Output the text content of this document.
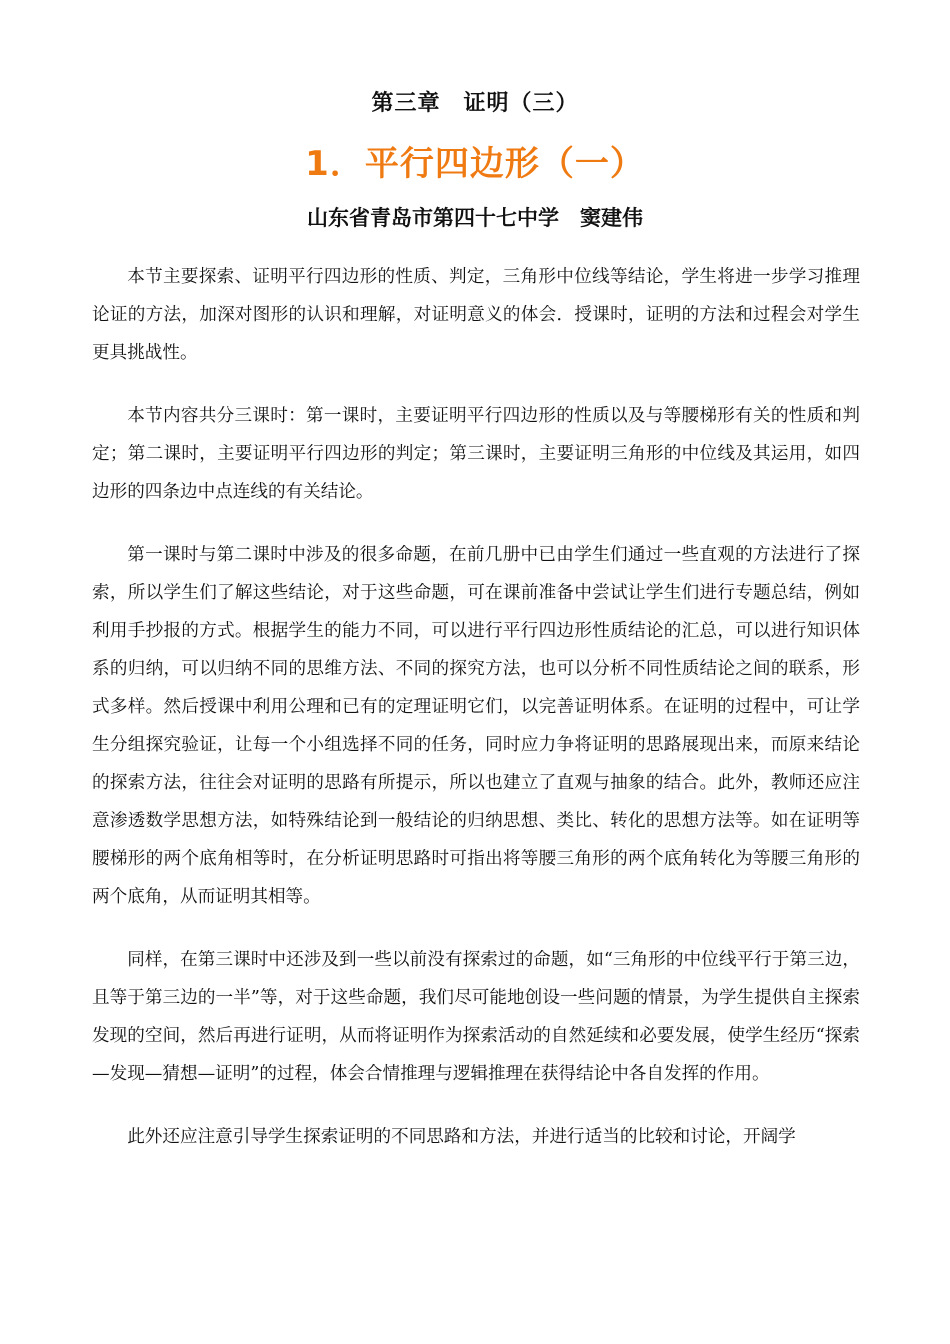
第三章　证明（三）
1．平行四边形（一）
山东省青岛市第四十七中学　窦建伟

本节主要探索、证明平行四边形的性质、判定，三角形中位线等结论，学生将进一步学习推理论证的方法，加深对图形的认识和理解，对证明意义的体会．授课时，证明的方法和过程会对学生更具挑战性。

本节内容共分三课时：第一课时，主要证明平行四边形的性质以及与等腰梯形有关的性质和判定；第二课时，主要证明平行四边形的判定；第三课时，主要证明三角形的中位线及其运用，如四边形的四条边中点连线的有关结论。

第一课时与第二课时中涉及的很多命题，在前几册中已由学生们通过一些直观的方法进行了探索，所以学生们了解这些结论，对于这些命题，可在课前准备中尝试让学生们进行专题总结，例如利用手抄报的方式。根据学生的能力不同，可以进行平行四边形性质结论的汇总，可以进行知识体系的归纳，可以归纳不同的思维方法、不同的探究方法，也可以分析不同性质结论之间的联系，形式多样。然后授课中利用公理和已有的定理证明它们，以完善证明体系。在证明的过程中，可让学生分组探究验证，让每一个小组选择不同的任务，同时应力争将证明的思路展现出来，而原来结论的探索方法，往往会对证明的思路有所提示，所以也建立了直观与抽象的结合。此外，教师还应注意渗透数学思想方法，如特殊结论到一般结论的归纳思想、类比、转化的思想方法等。如在证明等腰梯形的两个底角相等时，在分析证明思路时可指出将等腰三角形的两个底角转化为等腰三角形的两个底角，从而证明其相等。

同样，在第三课时中还涉及到一些以前没有探索过的命题，如“三角形的中位线平行于第三边，且等于第三边的一半”等，对于这些命题，我们尽可能地创设一些问题的情景，为学生提供自主探索发现的空间，然后再进行证明，从而将证明作为探索活动的自然延续和必要发展，使学生经历“探索—发现—猜想—证明”的过程，体会合情推理与逻辑推理在获得结论中各自发挥的作用。

此外还应注意引导学生探索证明的不同思路和方法，并进行适当的比较和讨论，开阔学
